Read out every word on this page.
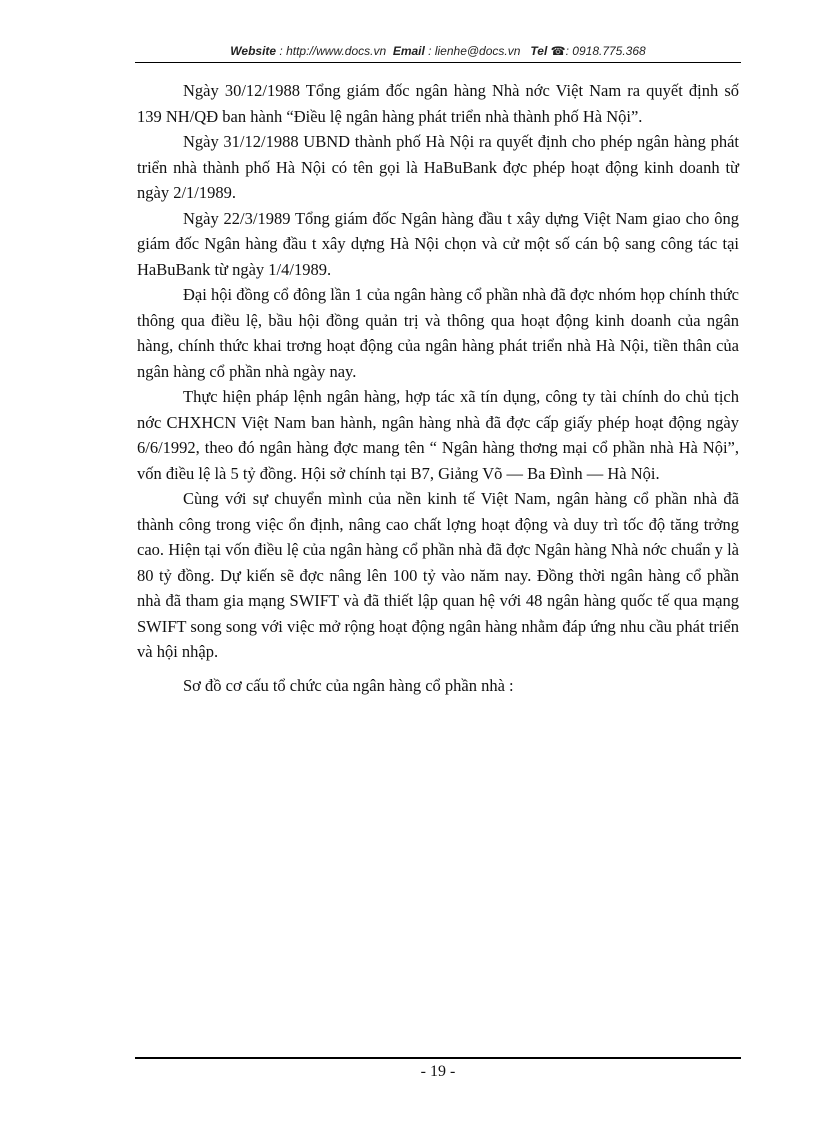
Website : http://www.docs.vn Email : lienhe@docs.vn Tel ☎: 0918.775.368

Ngày 30/12/1988 Tổng giám đốc ngân hàng Nhà nớc Việt Nam ra quyết định số 139 NH/QĐ ban hành “Điều lệ ngân hàng phát triển nhà thành phố Hà Nội”.

Ngày 31/12/1988 UBND thành phố Hà Nội ra quyết định cho phép ngân hàng phát triển nhà thành phố Hà Nội có tên gọi là HaBuBank đợc phép hoạt động kinh doanh từ ngày 2/1/1989.

Ngày 22/3/1989 Tổng giám đốc Ngân hàng đầu t xây dựng Việt Nam giao cho ông giám đốc Ngân hàng đầu t xây dựng Hà Nội chọn và cử một số cán bộ sang công tác tại HaBuBank từ ngày 1/4/1989.

Đại hội đồng cổ đông lần 1 của ngân hàng cổ phần nhà đã đợc nhóm họp chính thức thông qua điều lệ, bầu hội đồng quản trị và thông qua hoạt động kinh doanh của ngân hàng, chính thức khai trơng hoạt động của ngân hàng phát triển nhà Hà Nội, tiền thân của ngân hàng cổ phần nhà ngày nay.

Thực hiện pháp lệnh ngân hàng, hợp tác xã tín dụng, công ty tài chính do chủ tịch nớc CHXHCN Việt Nam ban hành, ngân hàng nhà đã đợc cấp giấy phép hoạt động ngày 6/6/1992, theo đó ngân hàng đợc mang tên “ Ngân hàng thơng mại cổ phần nhà Hà Nội”, vốn điều lệ là 5 tỷ đồng. Hội sở chính tại B7, Giảng Võ — Ba Đình — Hà Nội.

Cùng với sự chuyển mình của nền kinh tế Việt Nam, ngân hàng cổ phần nhà đã thành công trong việc ổn định, nâng cao chất lợng hoạt động và duy trì tốc độ tăng trởng cao. Hiện tại vốn điều lệ của ngân hàng cổ phần nhà đã đợc Ngân hàng Nhà nớc chuẩn y là 80 tỷ đồng. Dự kiến sẽ đợc nâng lên 100 tỷ vào năm nay. Đồng thời ngân hàng cổ phần nhà đã tham gia mạng SWIFT và đã thiết lập quan hệ với 48 ngân hàng quốc tế qua mạng SWIFT song song với việc mở rộng hoạt động ngân hàng nhằm đáp ứng nhu cầu phát triển và hội nhập.

Sơ đồ cơ cấu tổ chức của ngân hàng cổ phần nhà :

- 19 -
